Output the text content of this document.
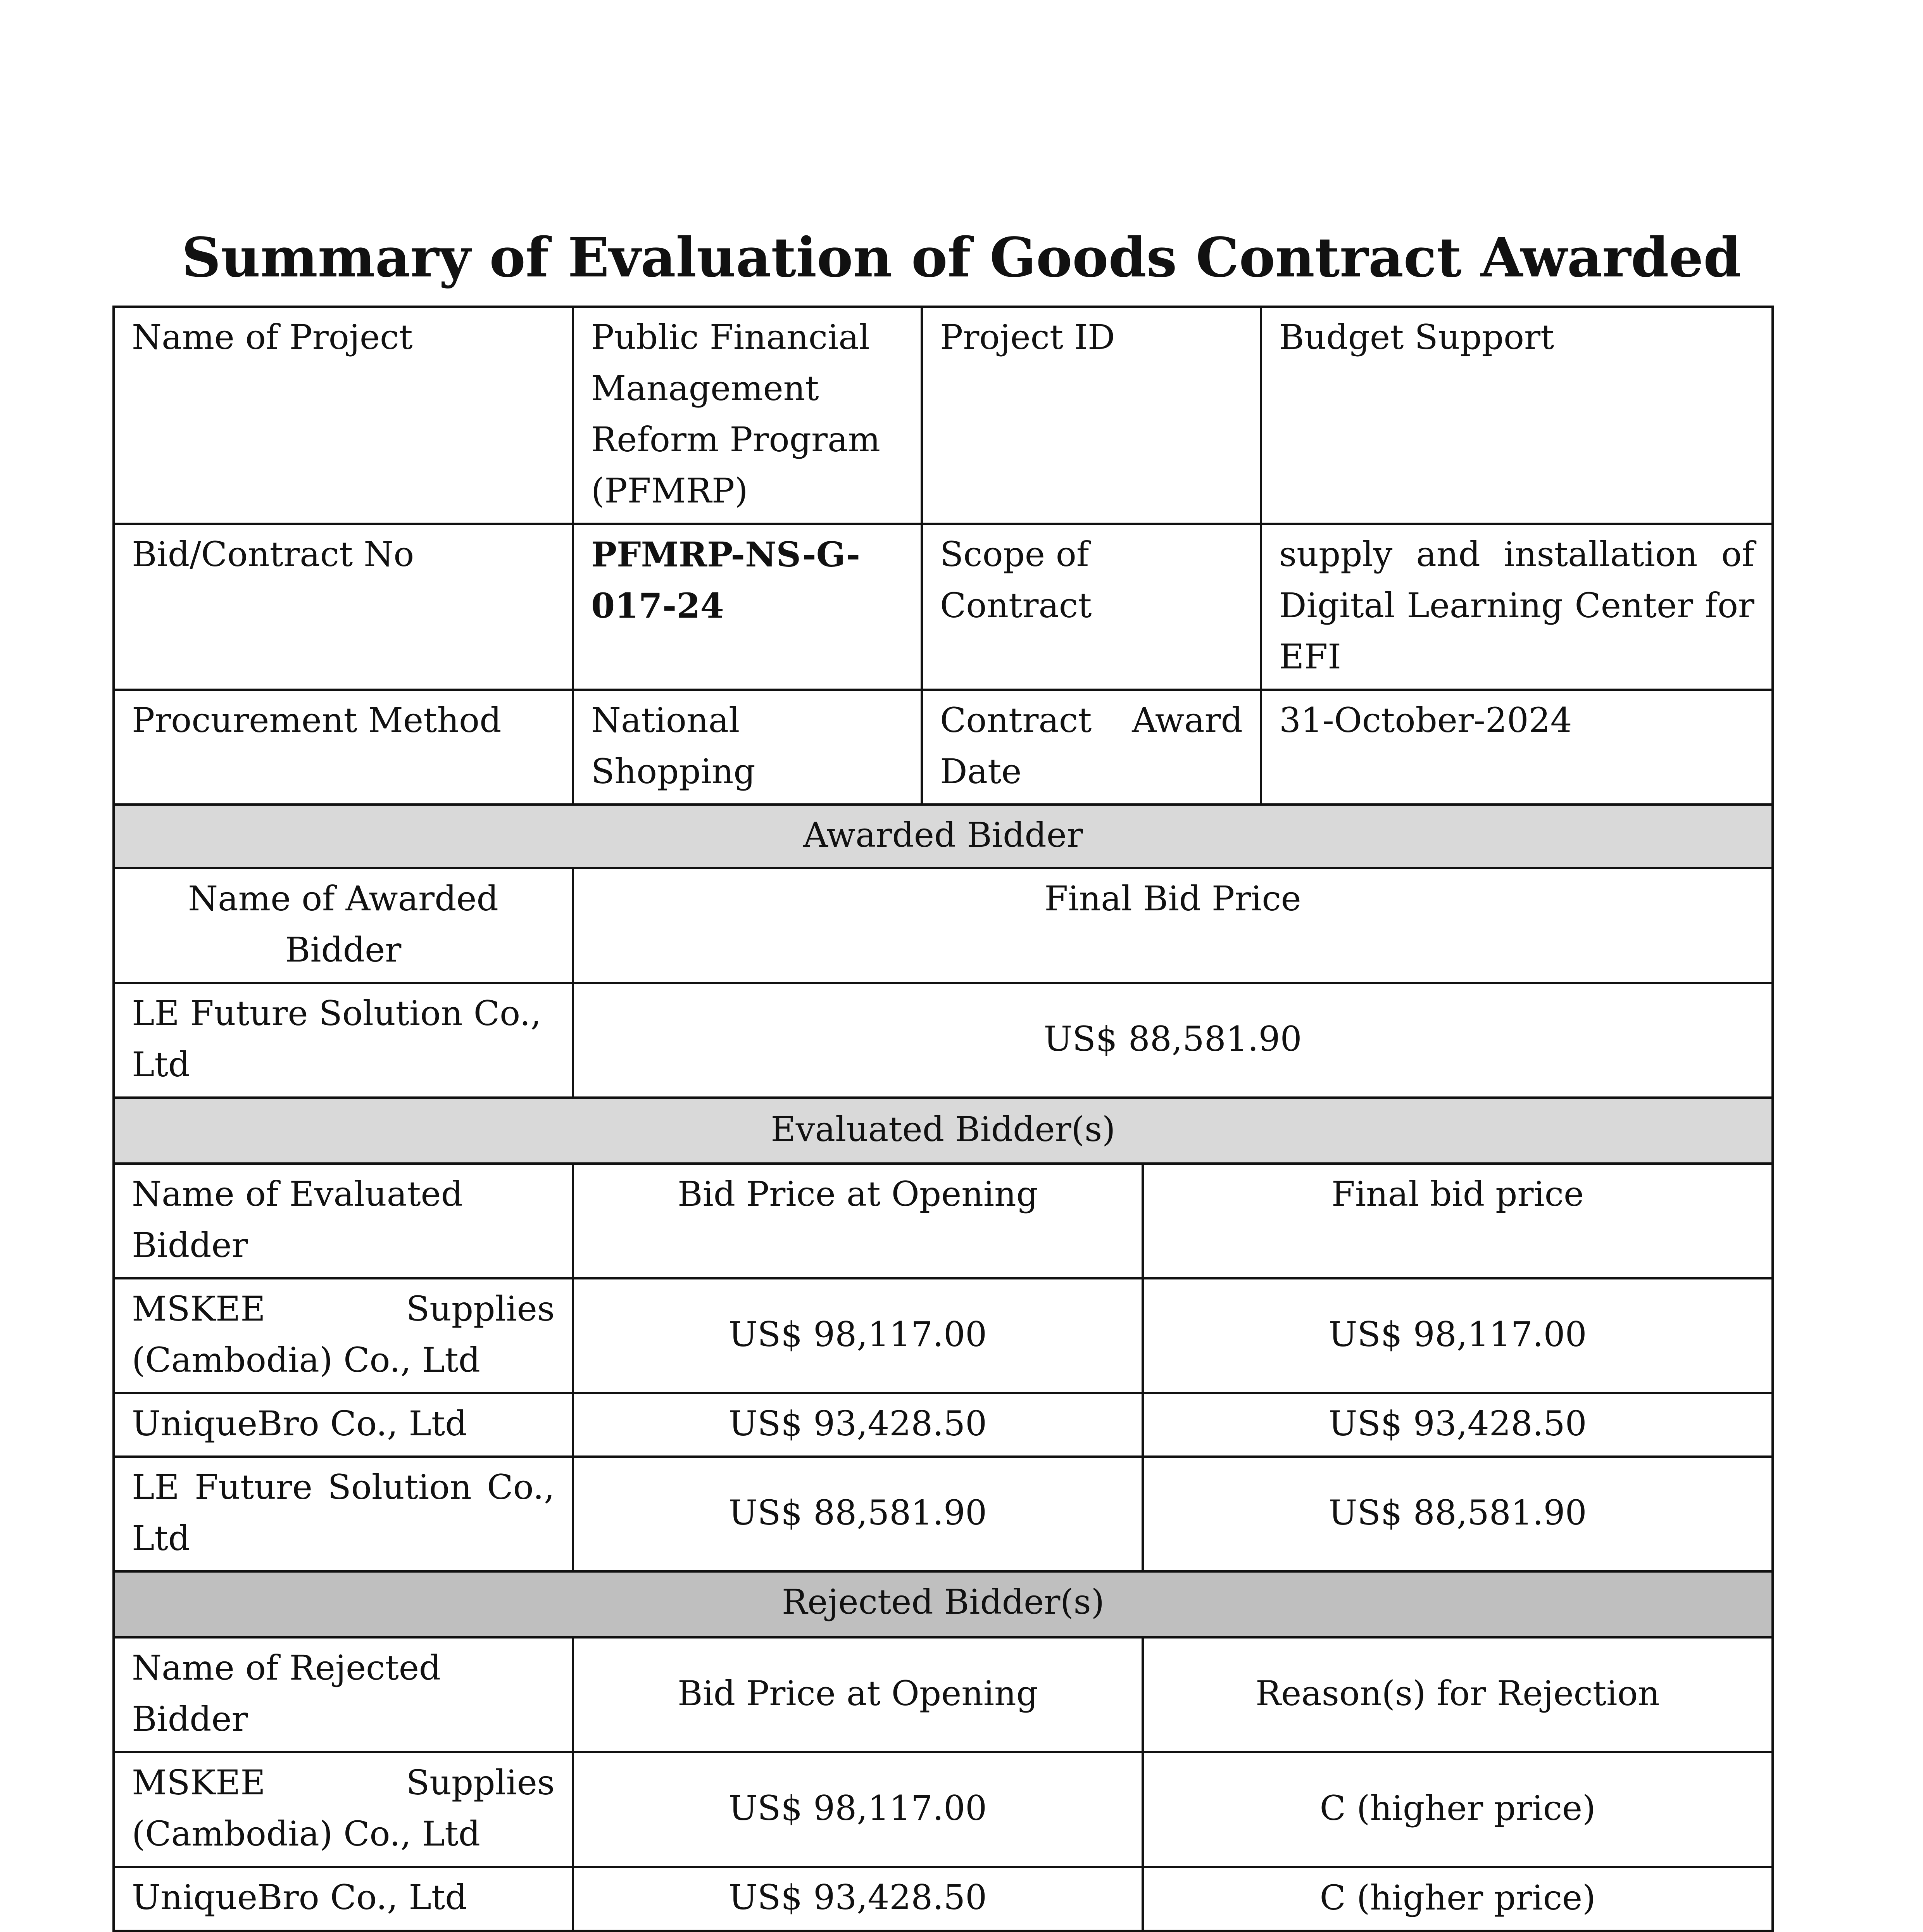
Summary of Evaluation of Goods Contract Awarded
Name of Project	Public Financial Management Reform Program (PFMRP)	Project ID		Budget Support
Bid/Contract No	PFMRP-NS-G-017-24	Scope of Contract		supply and installation of Digital Learning Center for EFI
Procurement Method	National Shopping	Contract Award Date		31-October-2024
Awarded Bidder				
Name of Awarded Bidder	Final Bid Price			
LE Future Solution Co., Ltd	US$ 88,581.90			
Evaluated Bidder(s)				
Name of Evaluated Bidder	Bid Price at Opening		Final bid price	
MSKEE Supplies (Cambodia) Co., Ltd	US$ 98,117.00		US$ 98,117.00	
UniqueBro Co., Ltd	US$ 93,428.50		US$ 93,428.50	
LE Future Solution Co., Ltd	US$ 88,581.90		US$ 88,581.90	
Rejected Bidder(s)				
Name of Rejected Bidder	Bid Price at Opening		Reason(s) for Rejection	
MSKEE Supplies (Cambodia) Co., Ltd	US$ 98,117.00		C (higher price)	
UniqueBro Co., Ltd	US$ 93,428.50		C (higher price)	
